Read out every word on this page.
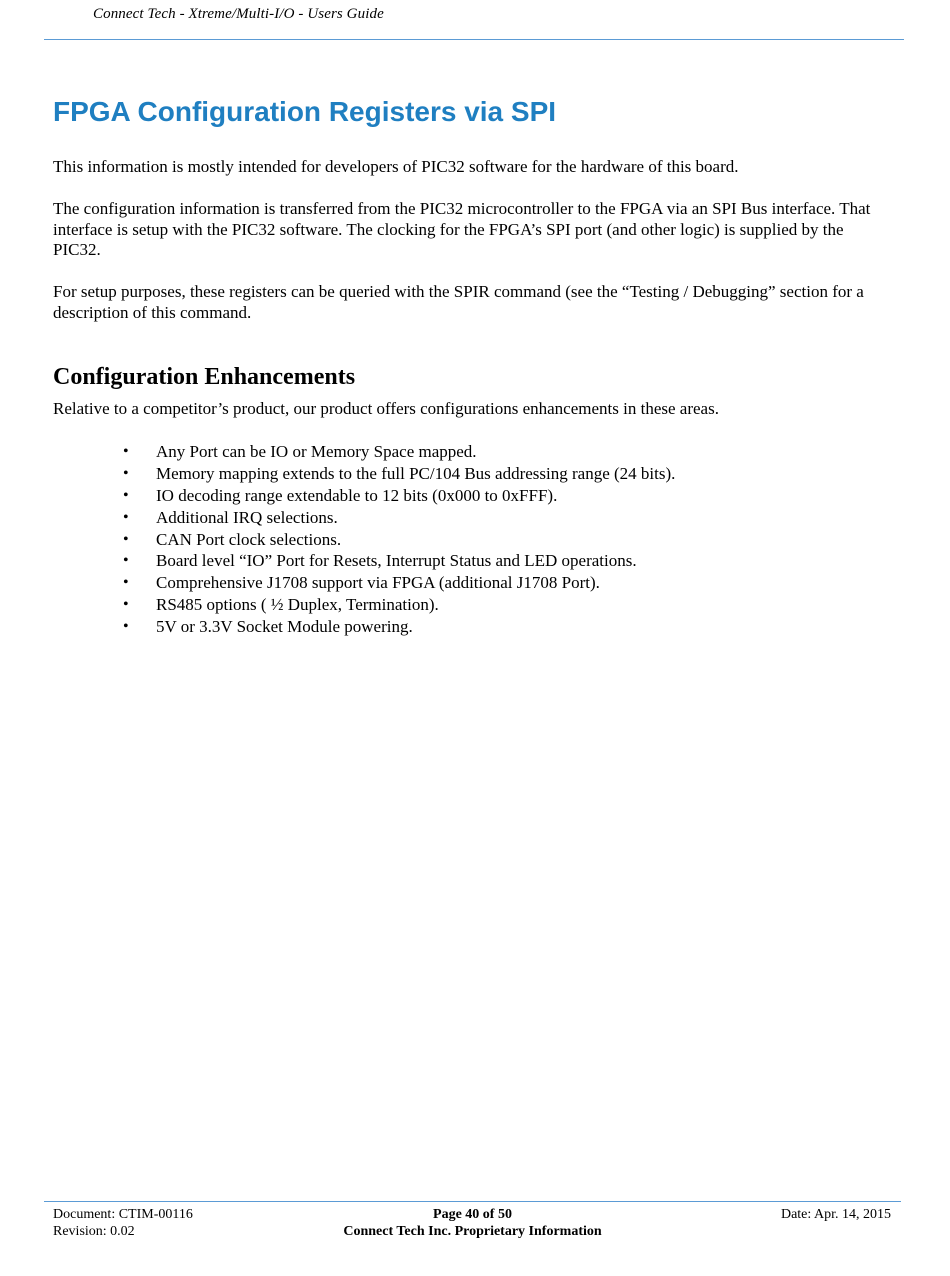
Connect Tech - Xtreme/Multi-I/O - Users Guide
FPGA Configuration Registers via SPI

This information is mostly intended for developers of PIC32 software for the hardware of this board.

The configuration information is transferred from the PIC32 microcontroller to the FPGA via an SPI Bus interface. That interface is setup with the PIC32 software. The clocking for the FPGA’s SPI port (and other logic) is supplied by the PIC32.

For setup purposes, these registers can be queried with the SPIR command (see the “Testing / Debugging” section for a description of this command.

Configuration Enhancements

Relative to a competitor’s product, our product offers configurations enhancements in these areas.

• Any Port can be IO or Memory Space mapped.
• Memory mapping extends to the full PC/104 Bus addressing range (24 bits).
• IO decoding range extendable to 12 bits (0x000 to 0xFFF).
• Additional IRQ selections.
• CAN Port clock selections.
• Board level “IO” Port for Resets, Interrupt Status and LED operations.
• Comprehensive J1708 support via FPGA (additional J1708 Port).
• RS485 options ( ½ Duplex, Termination).
• 5V or 3.3V Socket Module powering.
Document: CTIM-00116
Revision: 0.02
Page 40 of 50
Connect Tech Inc. Proprietary Information
Date: Apr. 14, 2015
